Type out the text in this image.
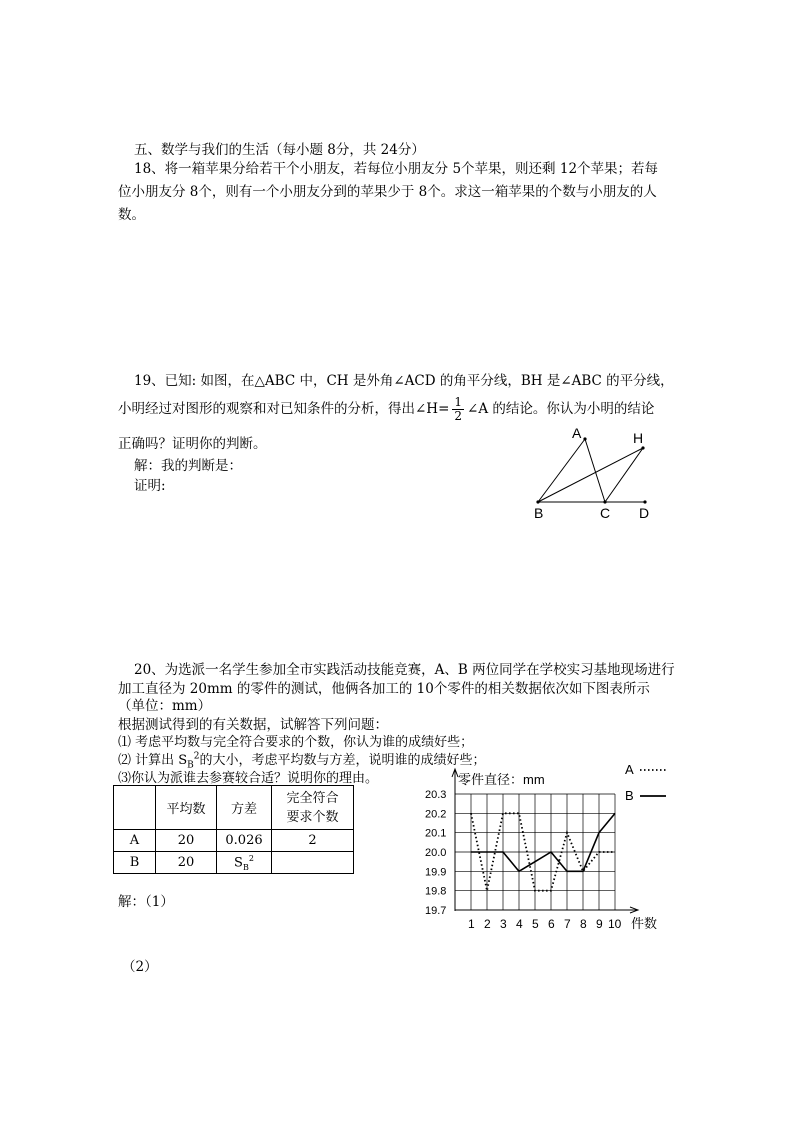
五、数学与我们的生活（每小题 8分，共 24分）
18、将一箱苹果分给若干个小朋友，若每位小朋友分 5个苹果，则还剩 12个苹果；若每
位小朋友分 8个，则有一个小朋友分到的苹果少于 8个。求这一箱苹果的个数与小朋友的人
数。
19、已知: 如图，在△ABC 中，CH 是外角∠ACD 的角平分线，BH 是∠ABC 的平分线，
小明经过对图形的观察和对已知条件的分析，得出∠H= $\frac{1}{2}$ ∠A 的结论。你认为小明的结论
正确吗？证明你的判断。
解：我的判断是：
证明:
A	H
B	C D
20、为选派一名学生参加全市实践活动技能竞赛，A、B 两位同学在学校实习基地现场进行
加工直径为 20mm 的零件的测试，他俩各加工的 10个零件的相关数据依次如下图表所示
（单位：mm）
根据测试得到的有关数据，试解答下列问题：
⑴ 考虑平均数与完全符合要求的个数，你认为谁的成绩好些；
⑵ 计算出 $S_B^2$的大小，考虑平均数与方差，说明谁的成绩好些；
⑶你认为派谁去参赛较合适？说明你的理由。
	平均数	方差	完全符合
要求个数

A	20	0.026	2
B	20	$S_B^2$	
解：（1）
（2）
20.3
20.2
20.1
20.0
19.9
19.8
19.7
1 2 3 4 5 6 7 8 9 10 件数
零件直径：mm
A
B
